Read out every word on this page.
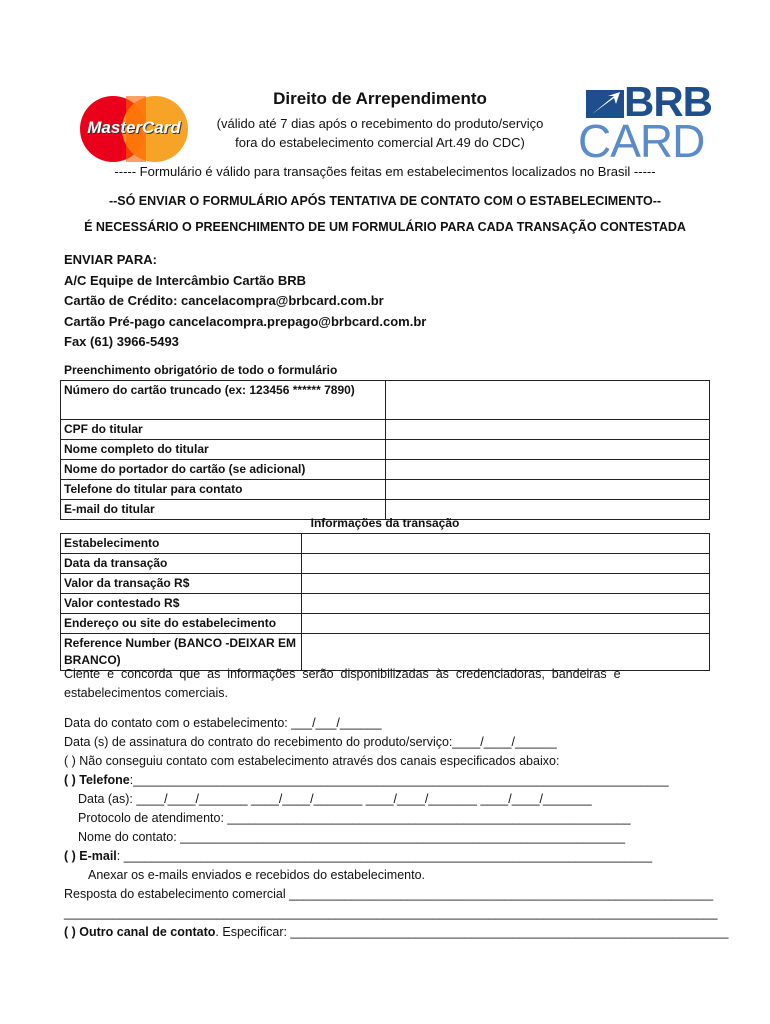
MasterCard
BRB
CARD
Direito de Arrependimento
(válido até 7 dias após o recebimento do produto/serviço
fora do estabelecimento comercial Art.49 do CDC)
----- Formulário é válido para transações feitas em estabelecimentos localizados no Brasil -----
--SÓ ENVIAR O FORMULÁRIO APÓS TENTATIVA DE CONTATO COM O ESTABELECIMENTO--
É NECESSÁRIO O PREENCHIMENTO DE UM FORMULÁRIO PARA CADA TRANSAÇÃO CONTESTADA
ENVIAR PARA:
A/C Equipe de Intercâmbio Cartão BRB
Cartão de Crédito: cancelacompra@brbcard.com.br
Cartão Pré-pago cancelacompra.prepago@brbcard.com.br
Fax (61) 3966-5493
Preenchimento obrigatório de todo o formulário
Número do cartão truncado (ex: 123456 ****** 7890)	
CPF do titular	
Nome completo do titular	
Nome do portador do cartão (se adicional)	
Telefone do titular para contato	
E-mail do titular	
Informações da transação
Estabelecimento	
Data da transação	
Valor da transação R$	
Valor contestado R$	
Endereço ou site do estabelecimento	
Reference Number (BANCO -DEIXAR EM BRANCO)	
Ciente  e  concorda  que  as  informações  serão  disponibilizadas  às  credenciadoras,  bandeiras  e
estabelecimentos comerciais.
Data do contato com o estabelecimento: ___/___/______
Data (s) de assinatura do contrato do recebimento do produto/serviço:____/____/______
( ) Não conseguiu contato com estabelecimento através dos canais especificados abaixo:
( ) Telefone:_____________________________________________________________________________
Data (as): ____/____/_______ ____/____/_______ ____/____/_______ ____/____/_______
Protocolo de atendimento: __________________________________________________________
Nome do contato: ________________________________________________________________
( ) E-mail: ____________________________________________________________________________
Anexar os e-mails enviados e recebidos do estabelecimento.
Resposta do estabelecimento comercial _____________________________________________________________
______________________________________________________________________________________________
( ) Outro canal de contato. Especificar: _______________________________________________________________
